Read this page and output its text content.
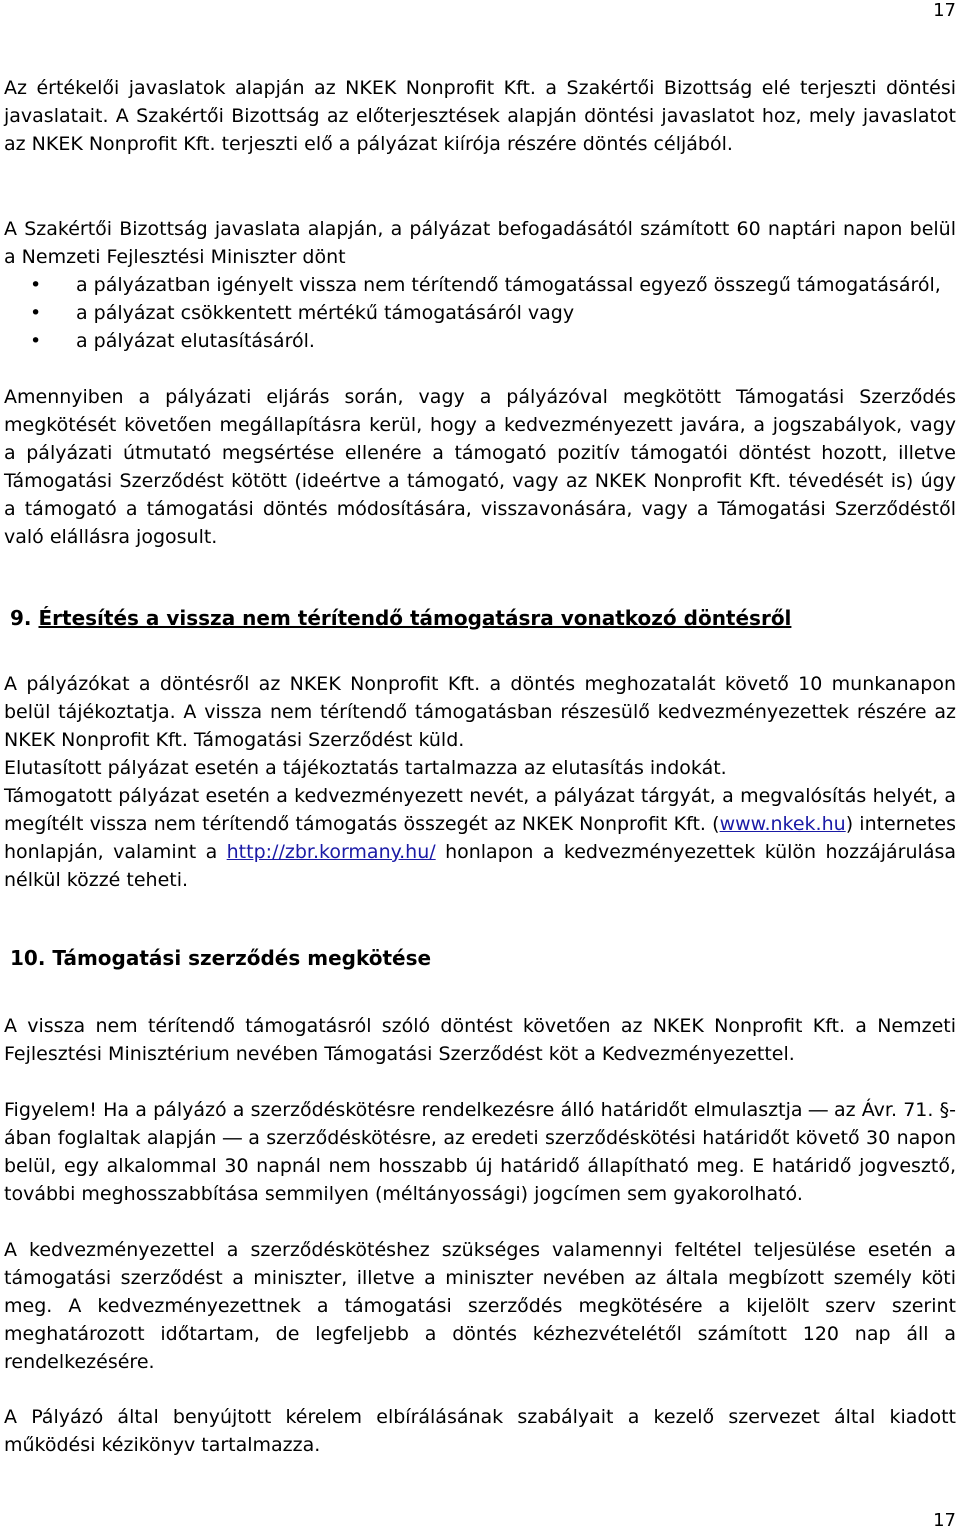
17

Az értékelői javaslatok alapján az NKEK Nonprofit Kft. a Szakértői Bizottság elé terjeszti döntési javaslatait. A Szakértői Bizottság az előterjesztések alapján döntési javaslatot hoz, mely javaslatot az NKEK Nonprofit Kft. terjeszti elő a pályázat kiírója részére döntés céljából.

A Szakértői Bizottság javaslata alapján, a pályázat befogadásától számított 60 naptári napon belül a Nemzeti Fejlesztési Miniszter dönt

• a pályázatban igényelt vissza nem térítendő támogatással egyező összegű támogatásáról,
• a pályázat csökkentett mértékű támogatásáról vagy
• a pályázat elutasításáról.

Amennyiben a pályázati eljárás során, vagy a pályázóval megkötött Támogatási Szerződés megkötését követően megállapításra kerül, hogy a kedvezményezett javára, a jogszabályok, vagy a pályázati útmutató megsértése ellenére a támogató pozitív támogatói döntést hozott, illetve Támogatási Szerződést kötött (ideértve a támogató, vagy az NKEK Nonprofit Kft. tévedését is) úgy a támogató a támogatási döntés módosítására, visszavonására, vagy a Támogatási Szerződéstől való elállásra jogosult.

9. Értesítés a vissza nem térítendő támogatásra vonatkozó döntésről

A pályázókat a döntésről az NKEK Nonprofit Kft. a döntés meghozatalát követő 10 munkanapon belül tájékoztatja. A vissza nem térítendő támogatásban részesülő kedvezményezettek részére az NKEK Nonprofit Kft. Támogatási Szerződést küld.

Elutasított pályázat esetén a tájékoztatás tartalmazza az elutasítás indokát.

Támogatott pályázat esetén a kedvezményezett nevét, a pályázat tárgyát, a megvalósítás helyét, a megítélt vissza nem térítendő támogatás összegét az NKEK Nonprofit Kft. (www.nkek.hu) internetes honlapján, valamint a http://zbr.kormany.hu/ honlapon a kedvezményezettek külön hozzájárulása nélkül közzé teheti.

10. Támogatási szerződés megkötése

A vissza nem térítendő támogatásról szóló döntést követően az NKEK Nonprofit Kft. a Nemzeti Fejlesztési Minisztérium nevében Támogatási Szerződést köt a Kedvezményezettel.

Figyelem! Ha a pályázó a szerződéskötésre rendelkezésre álló határidőt elmulasztja ― az Ávr. 71. §-ában foglaltak alapján ― a szerződéskötésre, az eredeti szerződéskötési határidőt követő 30 napon belül, egy alkalommal 30 napnál nem hosszabb új határidő állapítható meg. E határidő jogvesztő, további meghosszabbítása semmilyen (méltányossági) jogcímen sem gyakorolható.

A kedvezményezettel a szerződéskötéshez szükséges valamennyi feltétel teljesülése esetén a támogatási szerződést a miniszter, illetve a miniszter nevében az általa megbízott személy köti meg. A kedvezményezettnek a támogatási szerződés megkötésére a kijelölt szerv szerint meghatározott időtartam, de legfeljebb a döntés kézhezvételétől számított 120 nap áll a rendelkezésére.

A Pályázó által benyújtott kérelem elbírálásának szabályait a kezelő szervezet által kiadott működési kézikönyv tartalmazza.

17
